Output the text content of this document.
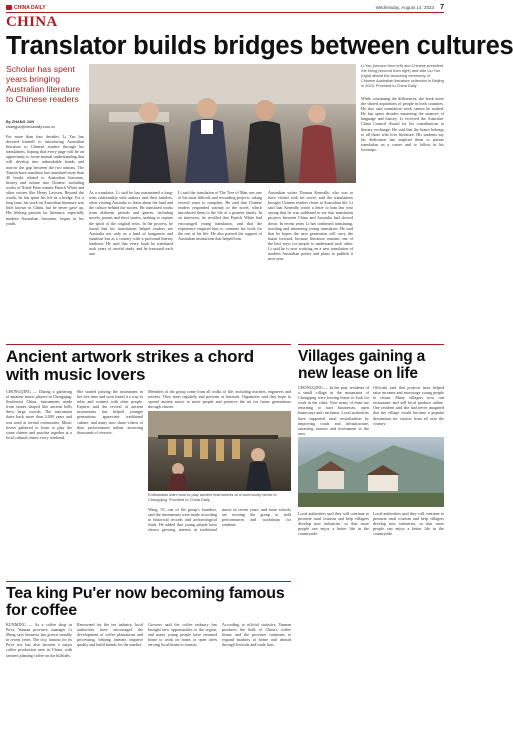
CHINA DAILY	Wednesday, August 14, 2023 7
CHINA
Translator builds bridges between cultures
Scholar has spent years bringing Australian literature to Chinese readers
By ZHANG JUN
zhangjun@chinadaily.com.cn
For more than four decades, Li Yao has devoted himself to introducing Australian literature to Chinese readers through his translations, hoping that every page will be an opportunity to foster mutual understanding that will develop into unbreakable bonds and narrow the gap between the two nations. The Tianjin-born translator has translated more than 40 books related to Australian literature, history and culture into Chinese, including works of Nobel Prize winner Patrick White and other writers like Henry Lawson. Beyond the words, he has spent his life as a bridge. For a long time, his work on Australian literature was little known in China, but he never gave up. His lifelong passion for literature, especially modern Australian literature, began in his youth.
As a translator, Li said he has maintained a long-term relationship with authors and their families, often visiting Australia to learn about the land and the culture behind the stories. He translated works from different periods and genres, including novels, poems and short stories, seeking to capture the spirit of the original texts. In the process, he found that his translations helped readers see Australia not only as a land of kangaroos and sunshine but as a country with a profound literary tradition. He said that every book he translated took years of careful study, and he treasured each one.
Li said the translation of The Tree of Man was one of his most difficult and rewarding projects, taking several years to complete. He said that Chinese readers responded warmly to the novel, which introduced them to the life of a pioneer family. In an interview, he recalled that Patrick White had encouraged young translators, and that the experience inspired him to continue his work for the rest of his life. He also praised the support of Australian institutions that helped him.
Australian writer Thomas Keneally, who was to have visited with his novel, said the translations brought Chinese readers closer to Australian life. Li said that Keneally wrote a letter to him last year saying that he was saddened to see that translation projects between China and Australia had slowed down. In recent years Li has continued translating, teaching and mentoring young translators. He said that he hopes the next generation will carry the baton forward, because literature remains one of the best ways for people to understand each other. Li said he is now working on a new translation of modern Australian poetry and plans to publish it next year.
Li Yao (second from left) and Chinese president Xie Hong (second from right) and wife Liu Yun (right) attend the launching ceremony of Chinese Australian literature collection in Beijing in 2023. Provided to China Daily
While continuing the differences, the book notes the shared aspirations of people in both countries. He also said translation work cannot be rushed. He has spent decades mastering the nuances of language and history. Li received the Australia-China Council Award for his contributions to literary exchange. He said that the honor belongs to all those who love literature. His students say his dedication has inspired them to pursue translation as a career and to follow in his footsteps.
Ancient artwork strikes a chord with music lovers
CHONGQING — During a gathering of amateur music players in Chongqing, Southwest China, instruments made from stones shaped like ancient bells drew large crowds. The instrument dates back more than 2,000 years and was used at formal ceremonies. Music lovers gathered to learn to play the stone chimes and practise together at a local cultural center every weekend.
She started playing the instrument in her free time and soon found it a way to relax and connect with other people. Experts said the revival of ancient instruments has helped younger generations appreciate traditional culture, and many now share videos of their performances online, attracting thousands of viewers.
Members of the group come from all walks of life, including teachers, engineers and retirees. They meet regularly and perform at festivals. Organizers said they hope to spread ancient music to more people and preserve the art for future generations through classes.
Enthusiasts learn how to play ancient instruments at a community venue in Chongqing. Provided to China Daily
Wang, 55, one of the group's founders, said the instruments were made according to historical records and archaeological finds. He added that young people have shown growing interest in traditional music in recent years, and more schools are inviting the group to hold performances and workshops for students.
Villages gaining a new lease on life
CHONGQING — In the past, residents of a small village in the mountains of Chongqing were leaving home to look for work in the cities. Now many of them are returning to start businesses, open homestays and run farms. Local authorities have supported rural revitalization by improving roads and infrastructure, attracting tourists and investment to the area.
Officials said that projects have helped raise incomes and encourage young people to return. Many villagers now run restaurants and sell local produce online. One resident said she had never imagined that her village would become a popular destination for visitors from all over the country.
Local authorities said they will continue to promote rural tourism and help villagers develop new industries, so that more people can enjoy a better life in the countryside.
Local authorities said they will continue to promote rural tourism and help villagers develop new industries, so that more people can enjoy a better life in the countryside.
Tea king Pu'er now becoming famous for coffee
KUNMING — As a coffee shop in Pu'er, Yunnan province, manager Li Meng says business has grown steadily in recent years. The city, famous for its Pu'er tea, has also become a major coffee production area in China, with farmers planting coffee on the hillsides.
Renowned for the tea industry, local authorities have encouraged the development of coffee plantations and processing, helping farmers improve quality and build brands for the market.
Growers said the coffee industry has brought new opportunities to the region, and many young people have returned home to work on farms or open cafes serving local beans to tourists.
According to official statistics, Yunnan produces the bulk of China's coffee beans, and the province continues to expand markets at home and abroad through festivals and trade fairs.
